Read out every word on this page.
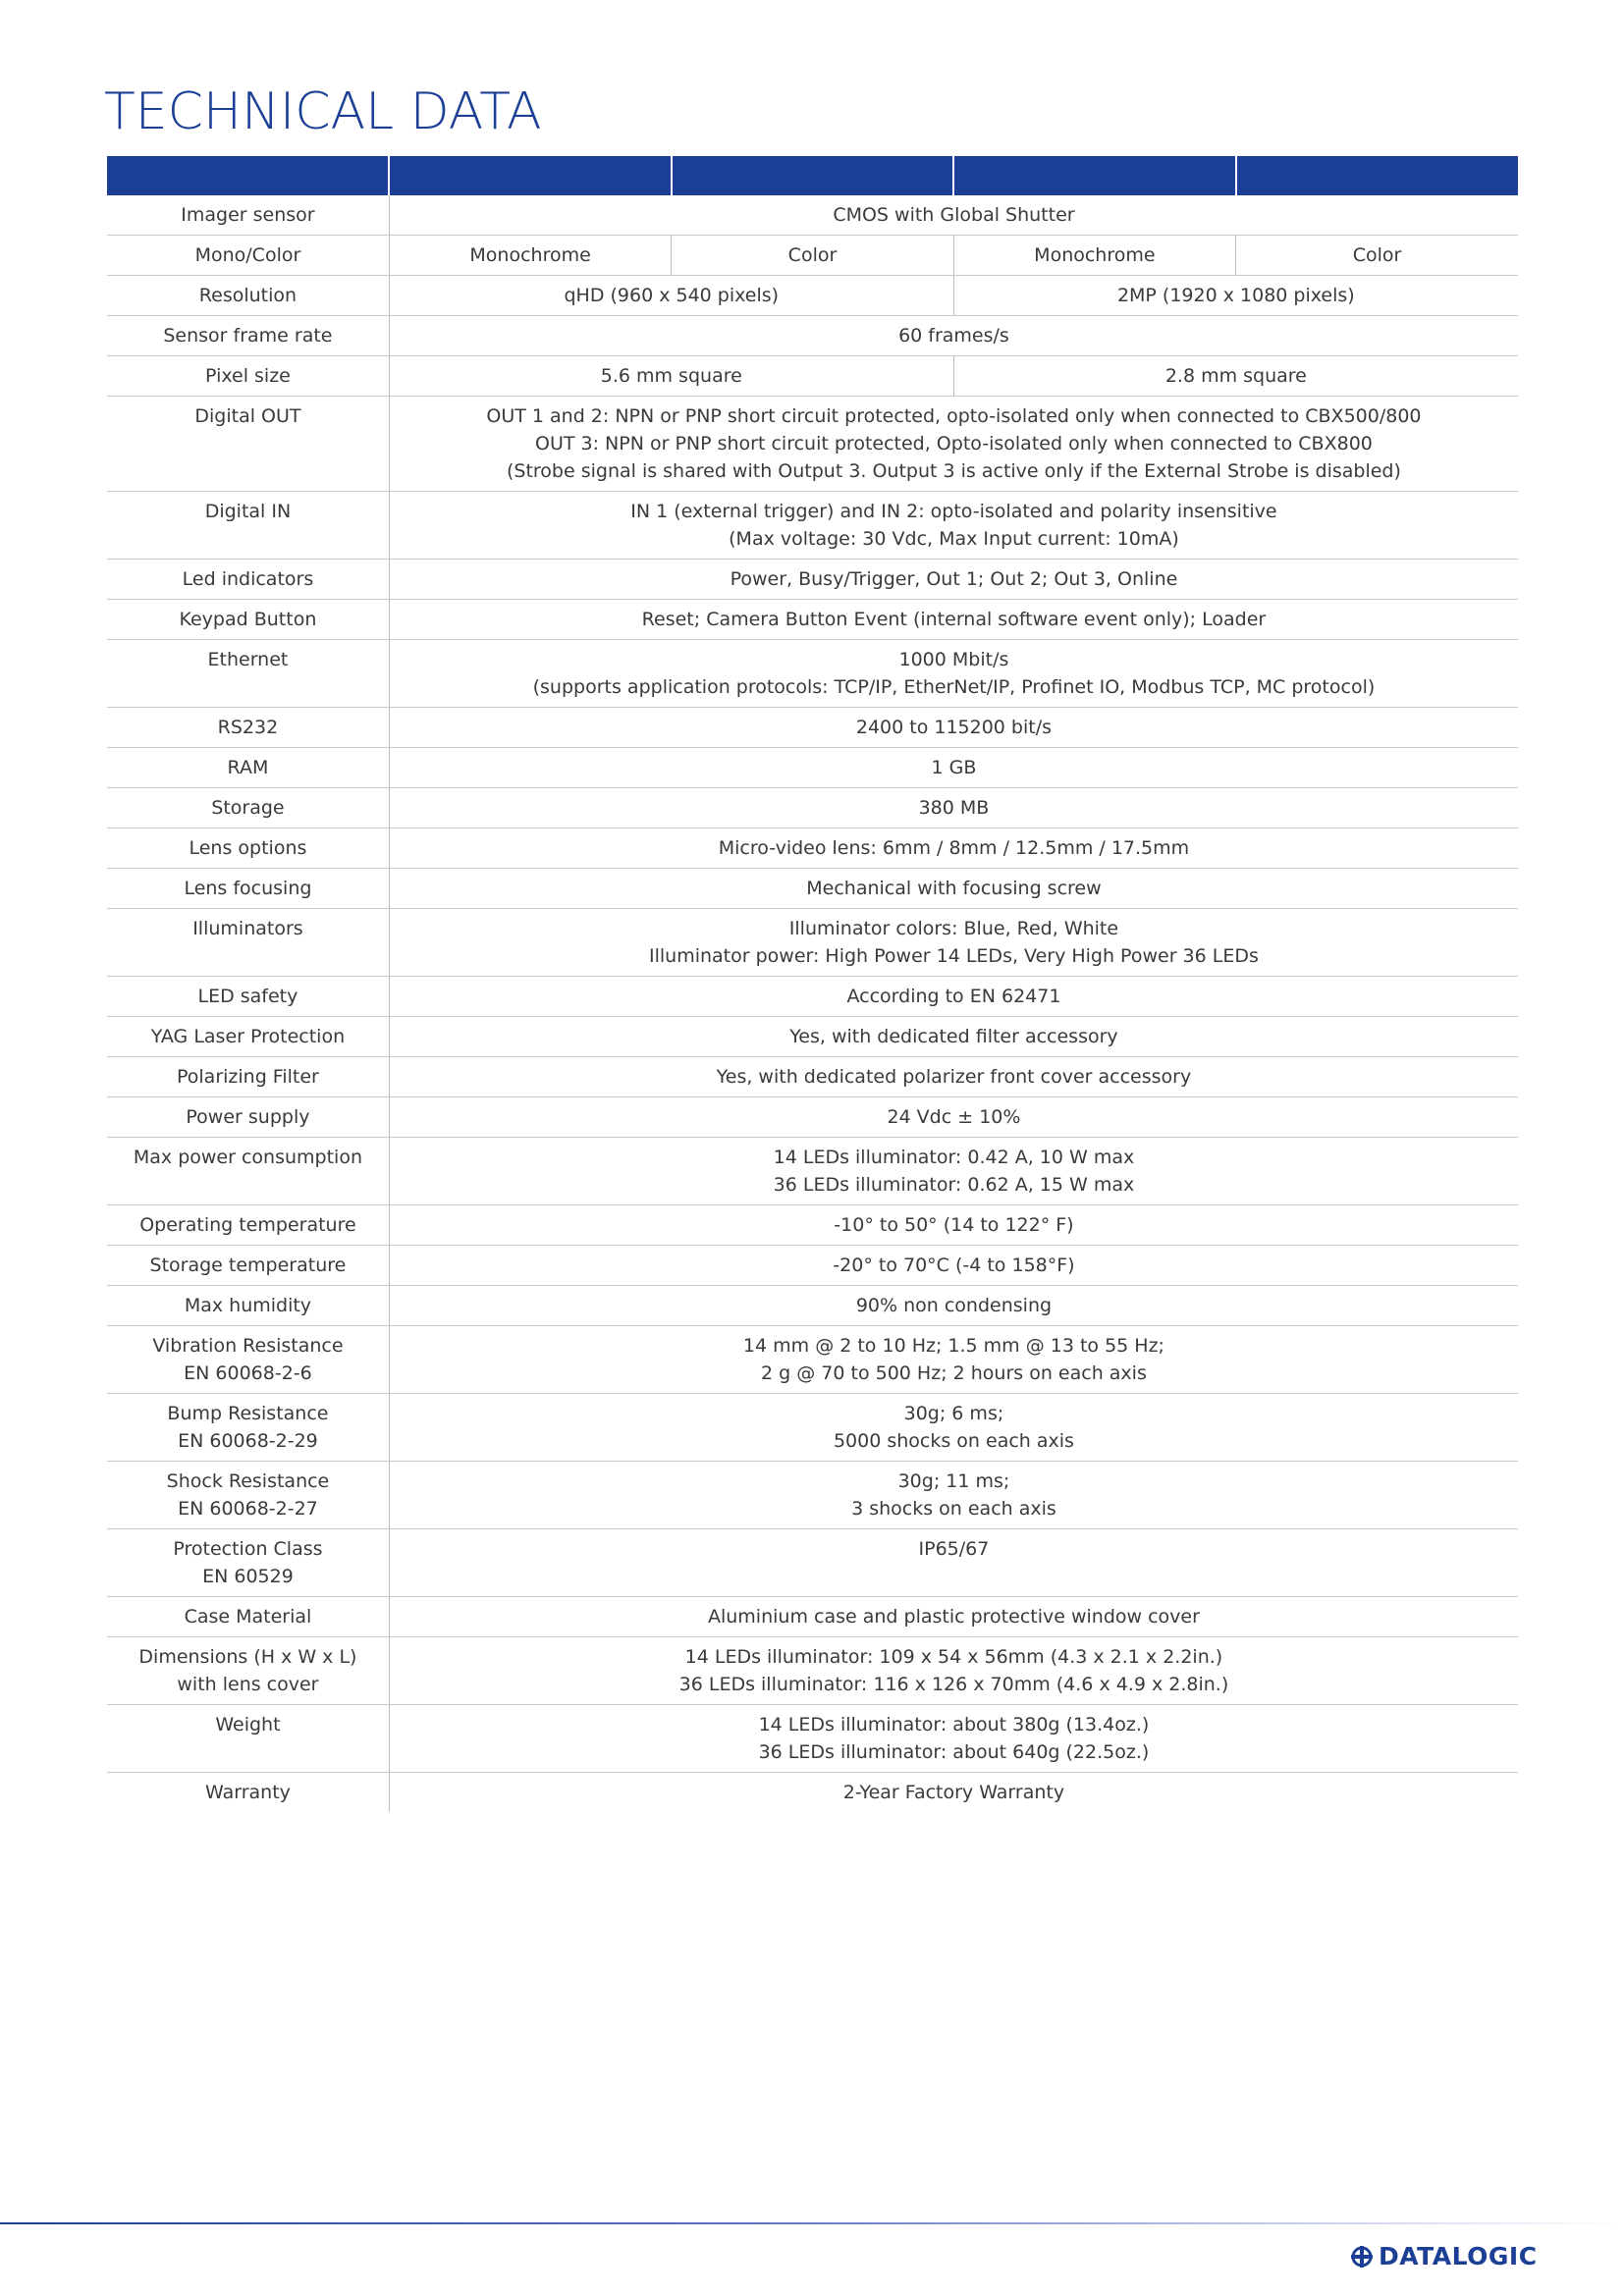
TECHNICAL DATA

Imager sensor	CMOS with Global Shutter			

Mono/Color	Monochrome	Color	Monochrome	Color

Resolution	qHD (960 x 540 pixels)		2MP (1920 x 1080 pixels)	

Sensor frame rate	60 frames/s			

Pixel size	5.6 mm square		2.8 mm square	

Digital OUT	OUT 1 and 2: NPN or PNP short circuit protected, opto-isolated only when connected to CBX500/800
OUT 3: NPN or PNP short circuit protected, Opto-isolated only when connected to CBX800
(Strobe signal is shared with Output 3. Output 3 is active only if the External Strobe is disabled)			

Digital IN	IN 1 (external trigger) and IN 2: opto-isolated and polarity insensitive
(Max voltage: 30 Vdc, Max Input current: 10mA)			

Led indicators	Power, Busy/Trigger, Out 1; Out 2; Out 3, Online			

Keypad Button	Reset; Camera Button Event (internal software event only); Loader			

Ethernet	1000 Mbit/s
(supports application protocols: TCP/IP, EtherNet/IP, Profinet IO, Modbus TCP, MC protocol)			

RS232	2400 to 115200 bit/s			

RAM	1 GB			

Storage	380 MB			

Lens options	Micro-video lens: 6mm / 8mm / 12.5mm / 17.5mm			

Lens focusing	Mechanical with focusing screw			

Illuminators	Illuminator colors: Blue, Red, White
Illuminator power: High Power 14 LEDs, Very High Power 36 LEDs			

LED safety	According to EN 62471			

YAG Laser Protection	Yes, with dedicated filter accessory			

Polarizing Filter	Yes, with dedicated polarizer front cover accessory			

Power supply	24 Vdc ± 10%			

Max power consumption	14 LEDs illuminator: 0.42 A, 10 W max
36 LEDs illuminator: 0.62 A, 15 W max			

Operating temperature	-10° to 50° (14 to 122° F)			

Storage temperature	-20° to 70°C (-4 to 158°F)			

Max humidity	90% non condensing			

Vibration Resistance
EN 60068-2-6	14 mm @ 2 to 10 Hz; 1.5 mm @ 13 to 55 Hz;
2 g @ 70 to 500 Hz; 2 hours on each axis			

Bump Resistance
EN 60068-2-29	30g; 6 ms;
5000 shocks on each axis			

Shock Resistance
EN 60068-2-27	30g; 11 ms;
3 shocks on each axis			

Protection Class
EN 60529	IP65/67			

Case Material	Aluminium case and plastic protective window cover			

Dimensions (H x W x L)
with lens cover	14 LEDs illuminator: 109 x 54 x 56mm (4.3 x 2.1 x 2.2in.)
36 LEDs illuminator: 116 x 126 x 70mm (4.6 x 4.9 x 2.8in.)			

Weight	14 LEDs illuminator: about 380g (13.4oz.)
36 LEDs illuminator: about 640g (22.5oz.)			

Warranty	2-Year Factory Warranty			
DATALOGIC
